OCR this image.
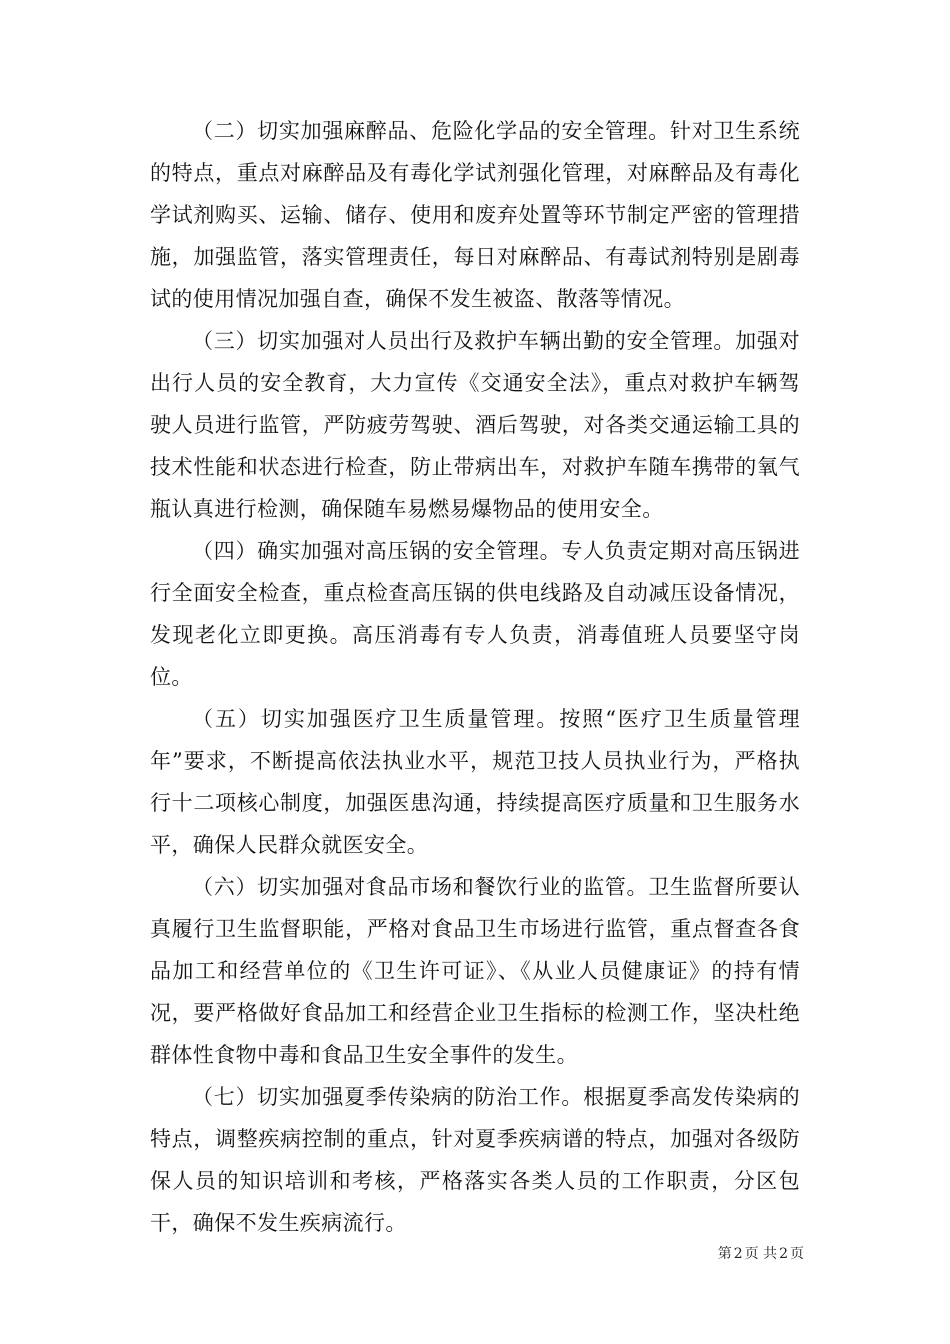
（二）切实加强麻醉品、危险化学品的安全管理。针对卫生系统的特点，重点对麻醉品及有毒化学试剂强化管理，对麻醉品及有毒化学试剂购买、运输、储存、使用和废弃处置等环节制定严密的管理措施，加强监管，落实管理责任，每日对麻醉品、有毒试剂特别是剧毒试的使用情况加强自查，确保不发生被盗、散落等情况。

（三）切实加强对人员出行及救护车辆出勤的安全管理。加强对出行人员的安全教育，大力宣传《交通安全法》，重点对救护车辆驾驶人员进行监管，严防疲劳驾驶、酒后驾驶，对各类交通运输工具的技术性能和状态进行检查，防止带病出车，对救护车随车携带的氧气瓶认真进行检测，确保随车易燃易爆物品的使用安全。

（四）确实加强对高压锅的安全管理。专人负责定期对高压锅进行全面安全检查，重点检查高压锅的供电线路及自动减压设备情况，发现老化立即更换。高压消毒有专人负责，消毒值班人员要坚守岗位。

（五）切实加强医疗卫生质量管理。按照“医疗卫生质量管理年”要求，不断提高依法执业水平，规范卫技人员执业行为，严格执行十二项核心制度，加强医患沟通，持续提高医疗质量和卫生服务水平，确保人民群众就医安全。

（六）切实加强对食品市场和餐饮行业的监管。卫生监督所要认真履行卫生监督职能，严格对食品卫生市场进行监管，重点督查各食品加工和经营单位的《卫生许可证》、《从业人员健康证》的持有情况，要严格做好食品加工和经营企业卫生指标的检测工作，坚决杜绝群体性食物中毒和食品卫生安全事件的发生。

（七）切实加强夏季传染病的防治工作。根据夏季高发传染病的特点，调整疾病控制的重点，针对夏季疾病谱的特点，加强对各级防保人员的知识培训和考核，严格落实各类人员的工作职责，分区包干，确保不发生疾病流行。

第 2 页 共 2 页
